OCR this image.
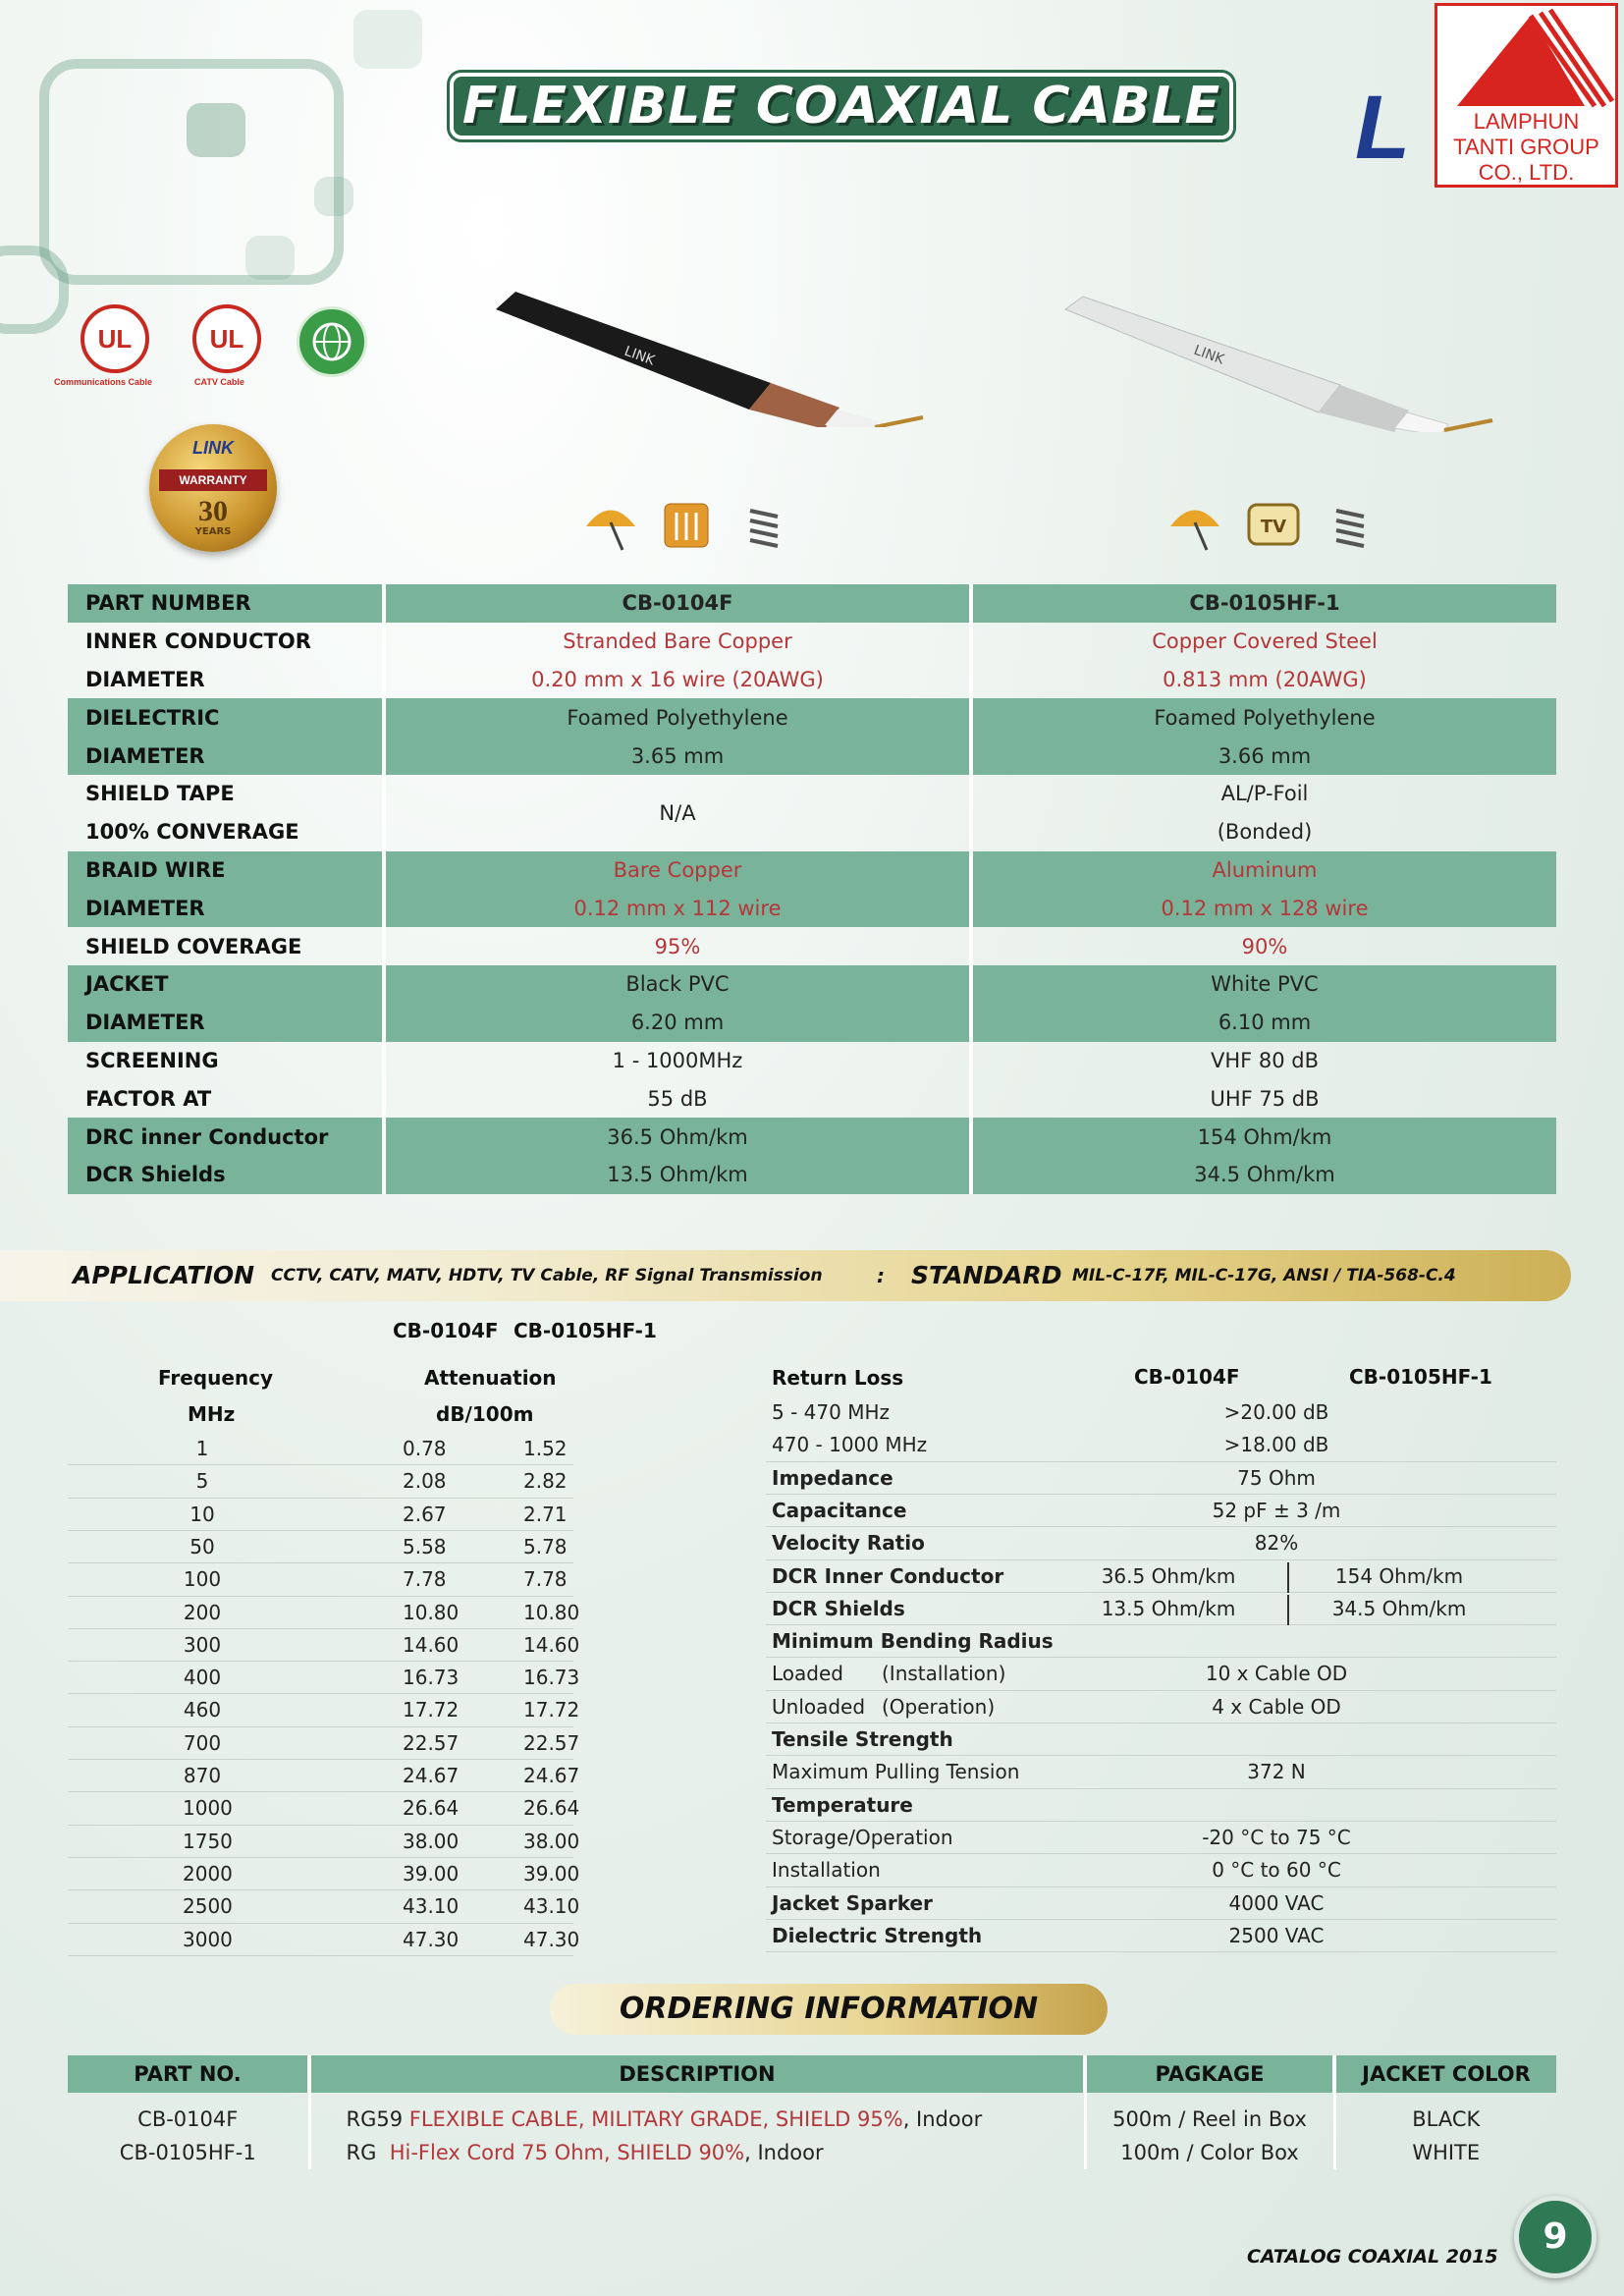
FLEXIBLE COAXIAL CABLE L	LAMPHUN
TANTI GROUP
CO., LTD.
UL
Communications Cable
UL
CATV Cable
LINK
WARRANTY
30
YEARS
LINK	LINK
TV
PART NUMBER	CB-0104F	CB-0105HF-1
INNER CONDUCTOR	Stranded Bare Copper	Copper Covered Steel
DIAMETER	0.20 mm x 16 wire (20AWG)	0.813 mm (20AWG)
DIELECTRIC	Foamed Polyethylene	Foamed Polyethylene
DIAMETER	3.65 mm	3.66 mm
SHIELD TAPE	N/A	AL/P-Foil
100% CONVERAGE		(Bonded)
BRAID WIRE	Bare Copper	Aluminum
DIAMETER	0.12 mm x 112 wire	0.12 mm x 128 wire
SHIELD COVERAGE	95%	90%
JACKET	Black PVC	White PVC
DIAMETER	6.20 mm	6.10 mm
SCREENING	1 - 1000MHz	VHF 80 dB
FACTOR AT	55 dB	UHF 75 dB
DRC inner Conductor	36.5 Ohm/km	154 Ohm/km
DCR Shields	13.5 Ohm/km	34.5 Ohm/km
APPLICATION CCTV, CATV, MATV, HDTV, TV Cable, RF Signal Transmission	: STANDARD MIL-C-17F, MIL-C-17G, ANSI / TIA-568-C.4
CB-0104F CB-0105HF-1
Frequency
MHz
Attenuation
dB/100m
Return Loss	CB-0104F	CB-0105HF-1
1	0.78	1.52
5	2.08	2.82
10	2.67	2.71
50	5.58	5.78
100	7.78	7.78
200	10.80	10.80
300	14.60	14.60
400	16.73	16.73
460	17.72	17.72
700	22.57	22.57
870	24.67	24.67
1000	26.64	26.64
1750	38.00	38.00
2000	39.00	39.00
2500	43.10	43.10
3000	47.30	47.30
5 - 470 MHz	>20.00 dB
470 - 1000 MHz	>18.00 dB
Impedance	75 Ohm
Capacitance	52 pF ± 3 /m
Velocity Ratio	82%
DCR Inner Conductor	36.5 Ohm/km	154 Ohm/km
DCR Shields	13.5 Ohm/km	34.5 Ohm/km
Minimum Bending Radius
Loaded (Installation)	10 x Cable OD
Unloaded (Operation)	4 x Cable OD
Tensile Strength
Maximum Pulling Tension	372 N
Temperature
Storage/Operation	-20 °C to 75 °C
Installation	0 °C to 60 °C
Jacket Sparker	4000 VAC
Dielectric Strength	2500 VAC
ORDERING INFORMATION
PART NO.	DESCRIPTION	PAGKAGE	JACKET COLOR
CB-0104F	RG59 FLEXIBLE CABLE, MILITARY GRADE, SHIELD 95%, Indoor	500m / Reel in Box	BLACK
CB-0105HF-1	RG  Hi-Flex Cord 75 Ohm, SHIELD 90%, Indoor	100m / Color Box	WHITE
CATALOG COAXIAL 2015	9
